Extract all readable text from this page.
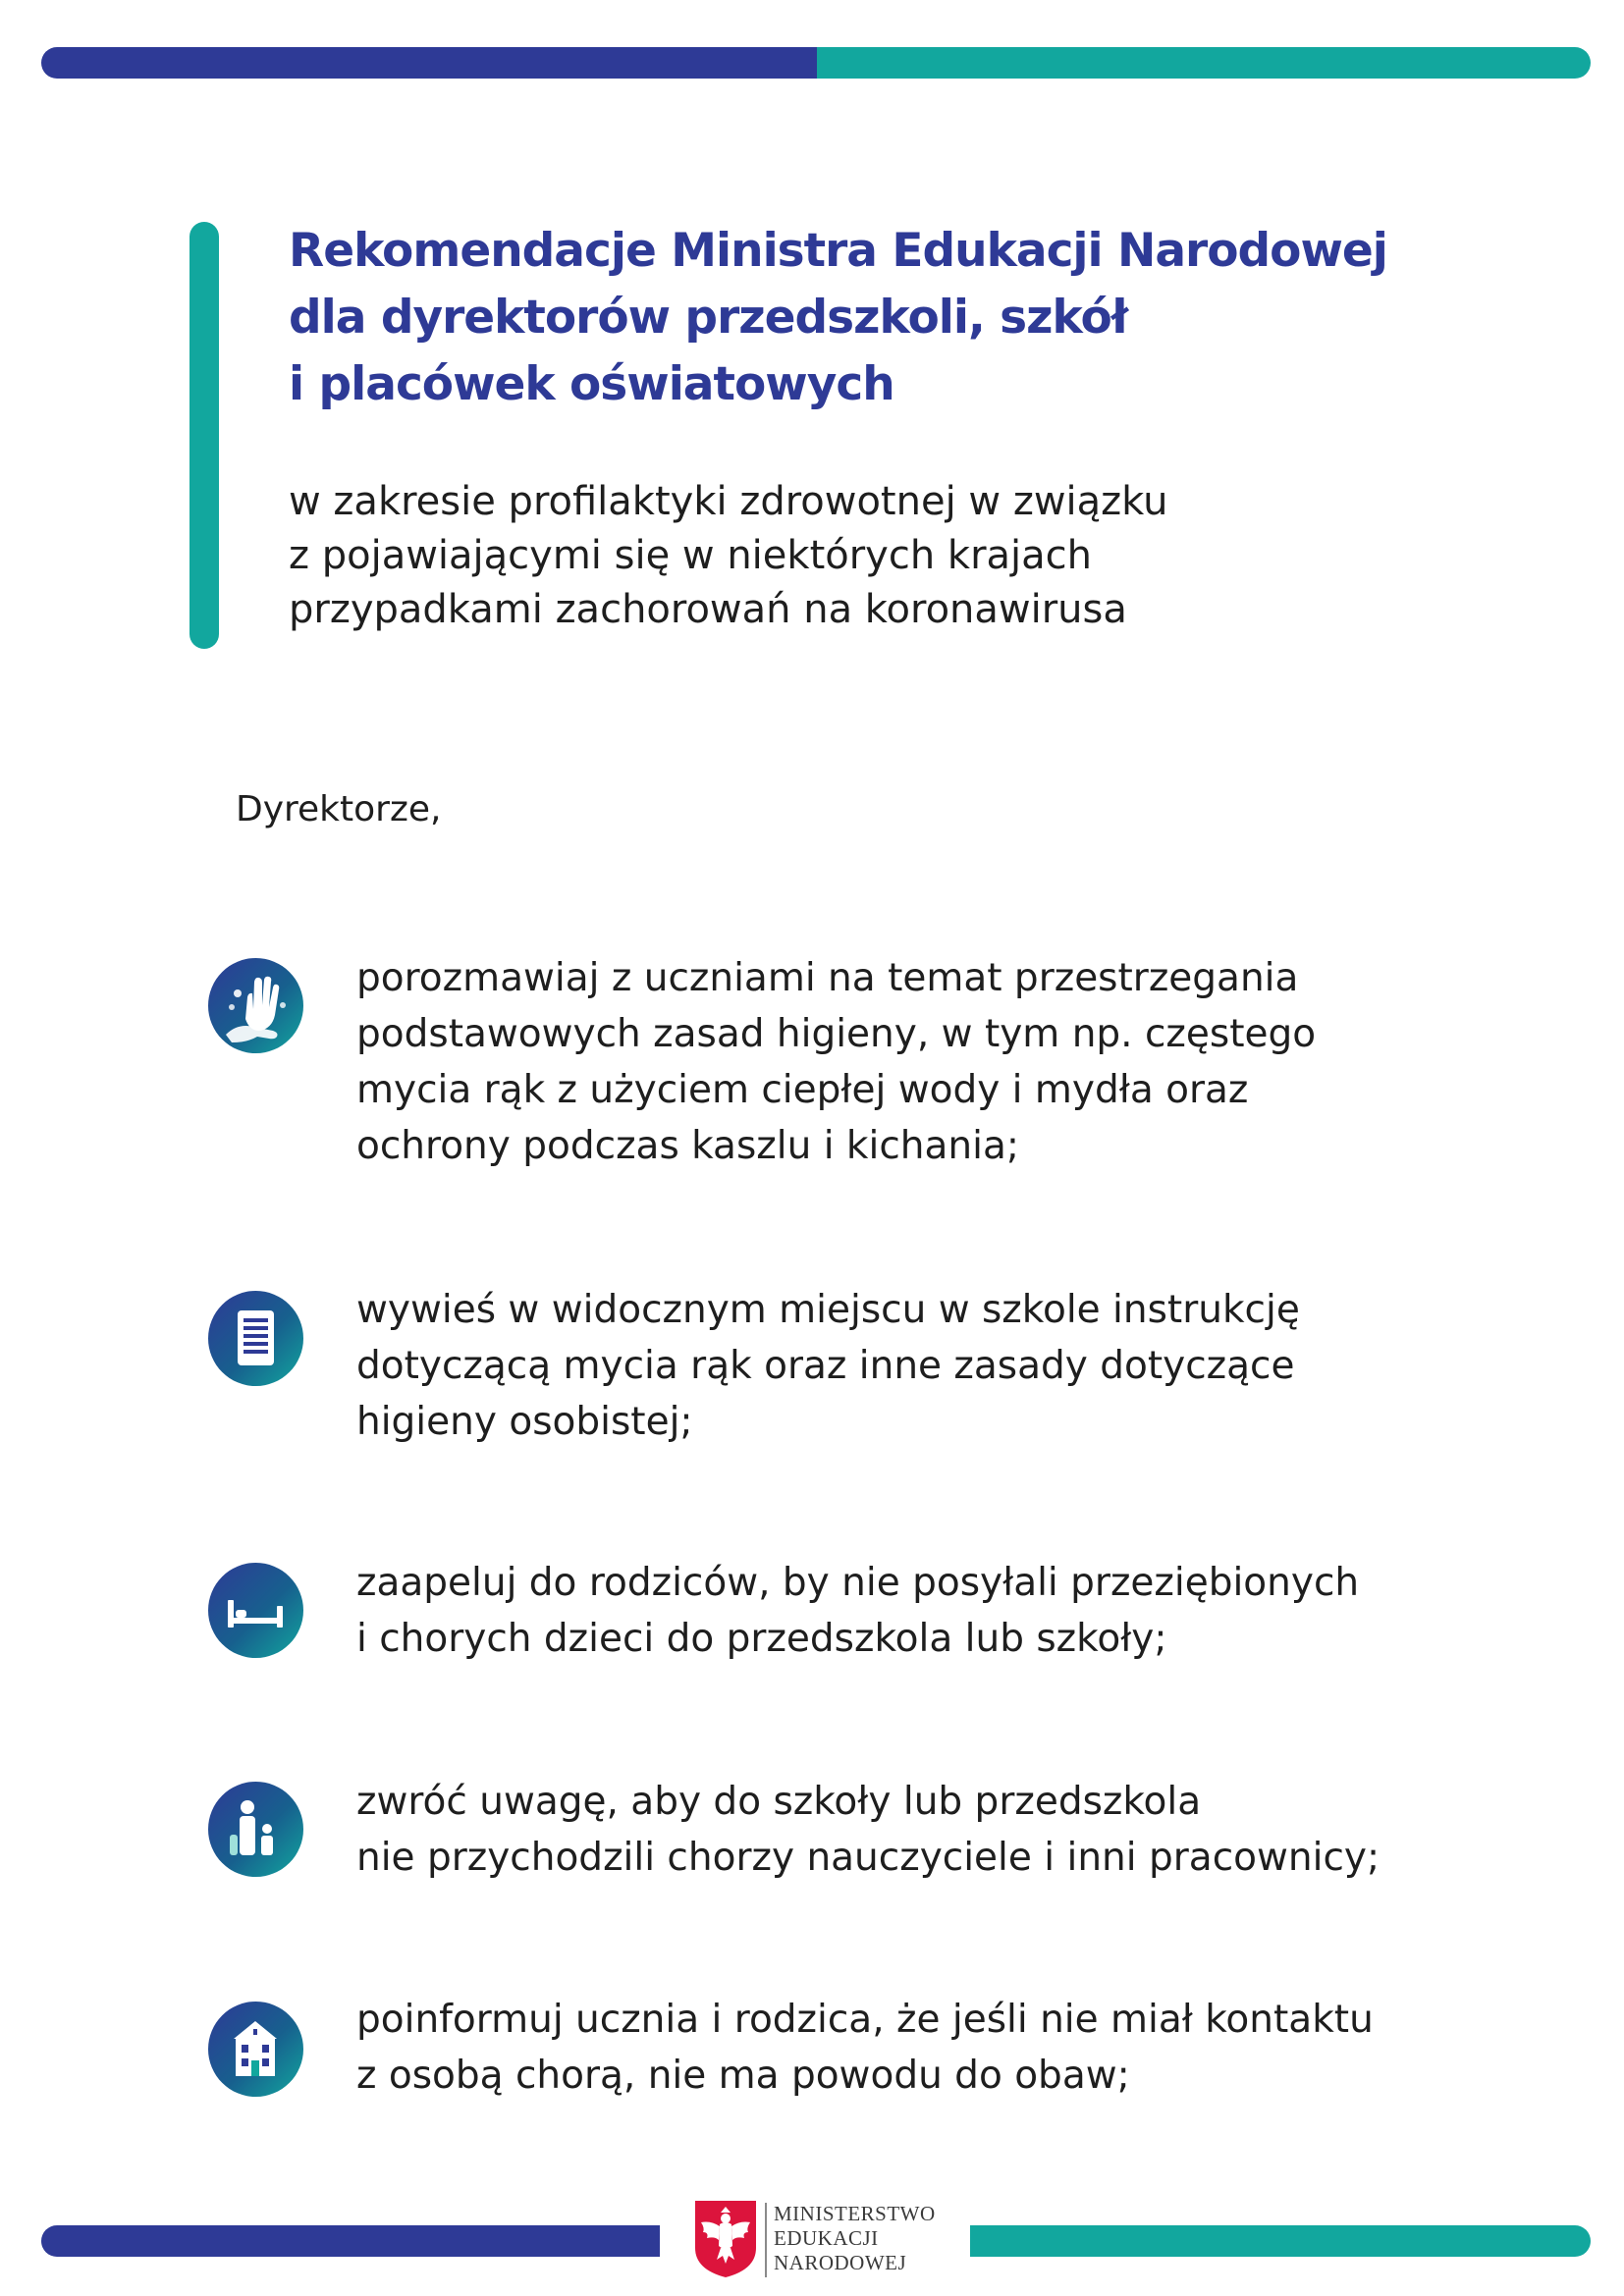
Rekomendacje Ministra Edukacji Narodowej
dla dyrektorów przedszkoli, szkół
i placówek oświatowych

w zakresie profilaktyki zdrowotnej w związku
z pojawiającymi się w niektórych krajach
przypadkami zachorowań na koronawirusa

Dyrektorze,

porozmawiaj z uczniami na temat przestrzegania
podstawowych zasad higieny, w tym np. częstego
mycia rąk z użyciem ciepłej wody i mydła oraz
ochrony podczas kaszlu i kichania;

wywieś w widocznym miejscu w szkole instrukcję
dotyczącą mycia rąk oraz inne zasady dotyczące
higieny osobistej;

zaapeluj do rodziców, by nie posyłali przeziębionych
i chorych dzieci do przedszkola lub szkoły;

zwróć uwagę, aby do szkoły lub przedszkola
nie przychodzili chorzy nauczyciele i inni pracownicy;

poinformuj ucznia i rodzica, że jeśli nie miał kontaktu
z osobą chorą, nie ma powodu do obaw;

MINISTERSTWO
EDUKACJI
NARODOWEJ
